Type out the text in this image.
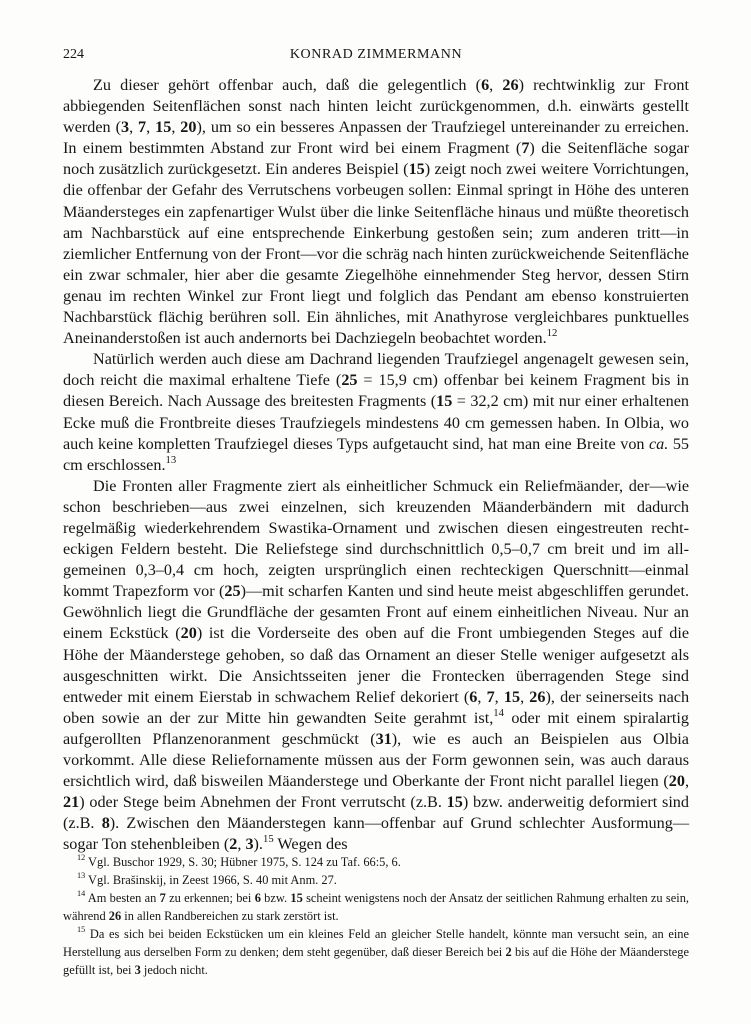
224	KONRAD ZIMMERMANN

Zu dieser gehört offenbar auch, daß die gelegentlich (6, 26) rechtwinklig zur Front abbiegenden Seitenflächen sonst nach hinten leicht zurückgenommen, d.h. einwärts gestellt werden (3, 7, 15, 20), um so ein besseres Anpassen der Traufziegel untereinander zu erreichen. In einem bestimmten Abstand zur Front wird bei einem Fragment (7) die Seitenfläche sogar noch zusätzlich zurückgesetzt. Ein anderes Beispiel (15) zeigt noch zwei weitere Vorrichtungen, die offenbar der Gefahr des Verrutschens vorbeugen sollen: Einmal springt in Höhe des unteren Mäandersteges ein zapfenartiger Wulst über die linke Seitenfläche hinaus und müßte theoretisch am Nachbarstück auf eine entsprechende Einkerbung gestoßen sein; zum anderen tritt—in ziemlicher Entfernung von der Front—vor die schräg nach hinten zurückweichende Seitenfläche ein zwar schmaler, hier aber die gesamte Ziegelhöhe einnehmender Steg hervor, dessen Stirn genau im rechten Winkel zur Front liegt und folglich das Pendant am ebenso konstruierten Nachbarstück flächig berühren soll. Ein ähnliches, mit Anathyrose vergleichbares punktuelles Aneinanderstoßen ist auch andernorts bei Dachziegeln beobachtet worden.$^{12}$

Natürlich werden auch diese am Dachrand liegenden Traufziegel angenagelt gewesen sein, doch reicht die maximal erhaltene Tiefe (25 = 15,9 cm) offenbar bei keinem Fragment bis in diesen Bereich. Nach Aussage des breitesten Fragments (15 = 32,2 cm) mit nur einer erhaltenen Ecke muß die Frontbreite dieses Traufziegels mindestens 40 cm gemessen haben. In Olbia, wo auch keine kompletten Traufziegel dieses Typs aufgetaucht sind, hat man eine Breite von ca. 55 cm erschlossen.$^{13}$

Die Fronten aller Fragmente ziert als einheitlicher Schmuck ein Reliefmäander, der—wie schon beschrieben—aus zwei einzelnen, sich kreuzenden Mäanderbändern mit dadurch regelmäßig wiederkehrendem Swastika-Ornament und zwischen diesen eingestreuten rechteckigen Feldern besteht. Die Reliefstege sind durchschnittlich 0,5–0,7 cm breit und im allgemeinen 0,3–0,4 cm hoch, zeigten ursprünglich einen rechteckigen Querschnitt—einmal kommt Trapezform vor (25)—mit scharfen Kanten und sind heute meist abgeschliffen gerundet. Gewöhnlich liegt die Grundfläche der gesamten Front auf einem einheitlichen Niveau. Nur an einem Eckstück (20) ist die Vorderseite des oben auf die Front umbiegenden Steges auf die Höhe der Mäanderstege gehoben, so daß das Ornament an dieser Stelle weniger aufgesetzt als ausgeschnitten wirkt. Die Ansichtsseiten jener die Frontecken überragenden Stege sind entweder mit einem Eierstab in schwachem Relief dekoriert (6, 7, 15, 26), der seinerseits nach oben sowie an der zur Mitte hin gewandten Seite gerahmt ist,$^{14}$ oder mit einem spiralartig aufgerollten Pflanzenoranment geschmückt (31), wie es auch an Beispielen aus Olbia vorkommt. Alle diese Reliefornamente müssen aus der Form gewonnen sein, was auch daraus ersichtlich wird, daß bisweilen Mäanderstege und Oberkante der Front nicht parallel liegen (20, 21) oder Stege beim Abnehmen der Front verrutscht (z.B. 15) bzw. anderweitig deformiert sind (z.B. 8). Zwischen den Mäanderstegen kann—offenbar auf Grund schlechter Ausformung—sogar Ton stehenbleiben (2, 3).$^{15}$ Wegen des

$^{12}$ Vgl. Buschor 1929, S. 30; Hübner 1975, S. 124 zu Taf. 66:5, 6.

$^{13}$ Vgl. Brašinskij, in Zeest 1966, S. 40 mit Anm. 27.

$^{14}$ Am besten an 7 zu erkennen; bei 6 bzw. 15 scheint wenigstens noch der Ansatz der seitlichen Rahmung erhalten zu sein, während 26 in allen Randbereichen zu stark zerstört ist.

$^{15}$ Da es sich bei beiden Eckstücken um ein kleines Feld an gleicher Stelle handelt, könnte man versucht sein, an eine Herstellung aus derselben Form zu denken; dem steht gegenüber, daß dieser Bereich bei 2 bis auf die Höhe der Mäanderstege gefüllt ist, bei 3 jedoch nicht.
